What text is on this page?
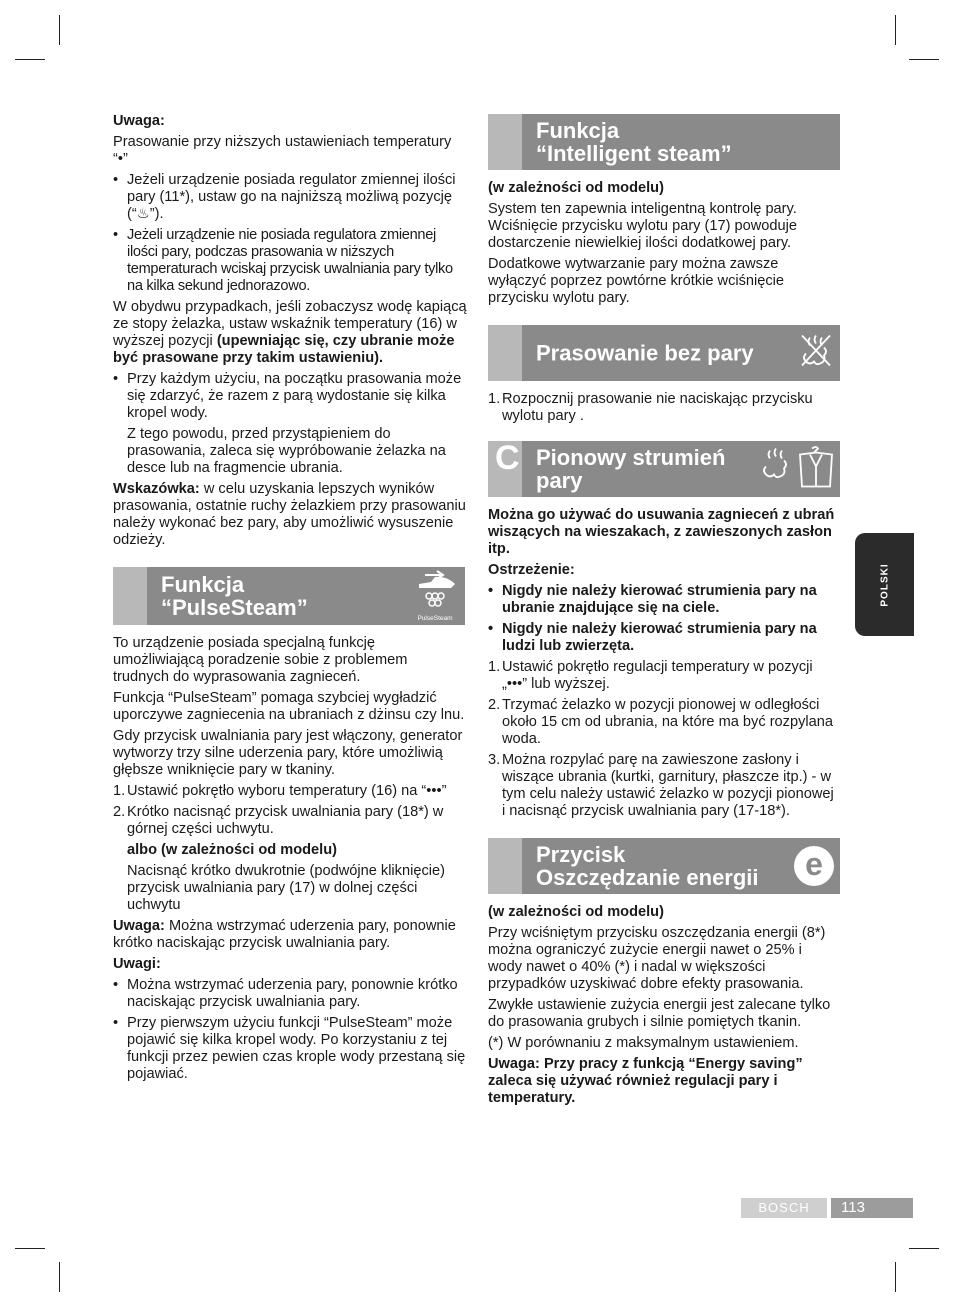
Uwaga:

Prasowanie przy niższych ustawieniach temperatury “•”

• Jeżeli urządzenie posiada regulator zmiennej ilości pary (11*), ustaw go na najniższą możliwą pozycję (“♨”).
• Jeżeli urządzenie nie posiada regulatora zmiennej ilości pary, podczas prasowania w niższych temperaturach wciskaj przycisk uwalniania pary tylko na kilka sekund jednorazowo.

W obydwu przypadkach, jeśli zobaczysz wodę kapiącą ze stopy żelazka, ustaw wskaźnik temperatury (16) w wyższej pozycji (upewniając się, czy ubranie może być prasowane przy takim ustawieniu).

• Przy każdym użyciu, na początku prasowania może się zdarzyć, że razem z parą wydostanie się kilka kropel wody.
Z tego powodu, przed przystąpieniem do prasowania, zaleca się wypróbowanie żelazka na desce lub na fragmencie ubrania.

Wskazówka: w celu uzyskania lepszych wyników prasowania, ostatnie ruchy żelazkiem przy prasowaniu należy wykonać bez pary, aby umożliwić wysuszenie odzieży.

Funkcja
“PulseSteam”	PulseSteam

To urządzenie posiada specjalną funkcję umożliwiającą poradzenie sobie z problemem trudnych do wyprasowania zagnieceń.

Funkcja “PulseSteam” pomaga szybciej wygładzić uporczywe zagniecenia na ubraniach z dżinsu czy lnu.

Gdy przycisk uwalniania pary jest włączony, generator wytworzy trzy silne uderzenia pary, które umożliwią głębsze wniknięcie pary w tkaniny.

1. Ustawić pokrętło wyboru temperatury (16) na “•••”
2. Krótko nacisnąć przycisk uwalniania pary (18*) w górnej części uchwytu.
albo (w zależności od modelu)
Nacisnąć krótko dwukrotnie (podwójne kliknięcie) przycisk uwalniania pary (17) w dolnej części uchwytu

Uwaga: Można wstrzymać uderzenia pary, ponownie krótko naciskając przycisk uwalniania pary.

Uwagi:

• Można wstrzymać uderzenia pary, ponownie krótko naciskając przycisk uwalniania pary.
• Przy pierwszym użyciu funkcji “PulseSteam” może pojawić się kilka kropel wody. Po korzystaniu z tej funkcji przez pewien czas krople wody przestaną się pojawiać.
Funkcja
“Intelligent steam”

(w zależności od modelu)

System ten zapewnia inteligentną kontrolę pary. Wciśnięcie przycisku wylotu pary (17) powoduje dostarczenie niewielkiej ilości dodatkowej pary.

Dodatkowe wytwarzanie pary można zawsze wyłączyć poprzez powtórne krótkie wciśnięcie przycisku wylotu pary.

Prasowanie bez pary
1. Rozpocznij prasowanie nie naciskając przycisku wylotu pary .
C Pionowy strumień
pary

Można go używać do usuwania zagnieceń z ubrań wiszących na wieszakach, z zawieszonych zasłon itp.

Ostrzeżenie:

• Nigdy nie należy kierować strumienia pary na ubranie znajdujące się na ciele.
• Nigdy nie należy kierować strumienia pary na ludzi lub zwierzęta.
1. Ustawić pokrętło regulacji temperatury w pozycji „•••” lub wyższej.
2. Trzymać żelazko w pozycji pionowej w odległości około 15 cm od ubrania, na które ma być rozpylana woda.
3. Można rozpylać parę na zawieszone zasłony i wiszące ubrania (kurtki, garnitury, płaszcze itp.) - w tym celu należy ustawić żelazko w pozycji pionowej i nacisnąć przycisk uwalniania pary (17-18*).
Przycisk
Oszczędzanie energii	e

(w zależności od modelu)

Przy wciśniętym przycisku oszczędzania energii (8*) można ograniczyć zużycie energii nawet o 25% i wody nawet o 40% (*) i nadal w większości przypadków uzyskiwać dobre efekty prasowania.

Zwykłe ustawienie zużycia energii jest zalecane tylko do prasowania grubych i silnie pomiętych tkanin.

(*) W porównaniu z maksymalnym ustawieniem.

Uwaga: Przy pracy z funkcją “Energy saving” zaleca się używać również regulacji pary i temperatury.

POLSKI
BOSCH	113
